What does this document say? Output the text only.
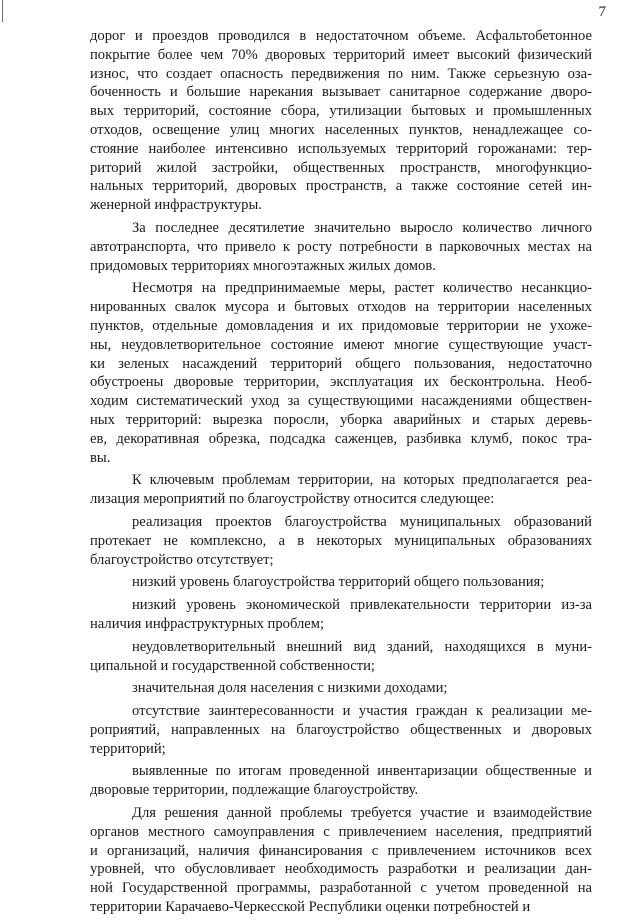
7
дорог и проездов проводился в недостаточном объеме. Асфальтобетонное
покрытие более чем 70% дворовых территорий имеет высокий физический
износ, что создает опасность передвижения по ним. Также серьезную оза-
боченность и большие нарекания вызывает санитарное содержание дворо-
вых территорий, состояние сбора, утилизации бытовых и промышленных
отходов, освещение улиц многих населенных пунктов, ненадлежащее со-
стояние наиболее интенсивно используемых территорий горожанами: тер-
риторий жилой застройки, общественных пространств, многофункцио-
нальных территорий, дворовых пространств, а также состояние сетей ин-
женерной инфраструктуры.
За последнее десятилетие значительно выросло количество личного
автотранспорта, что привело к росту потребности в парковочных местах на
придомовых территориях многоэтажных жилых домов.
Несмотря на предпринимаемые меры, растет количество несанкцио-
нированных свалок мусора и бытовых отходов на территории населенных
пунктов, отдельные домовладения и их придомовые территории не ухоже-
ны, неудовлетворительное состояние имеют многие существующие участ-
ки зеленых насаждений территорий общего пользования, недостаточно
обустроены дворовые территории, эксплуатация их бесконтрольна. Необ-
ходим систематический уход за существующими насаждениями обществен-
ных территорий: вырезка поросли, уборка аварийных и старых деревь-
ев, декоративная обрезка, подсадка саженцев, разбивка клумб, покос тра-
вы.
К ключевым проблемам территории, на которых предполагается реа-
лизация мероприятий по благоустройству относится следующее:
реализация проектов благоустройства муниципальных образований
протекает не комплексно, а в некоторых муниципальных образованиях
благоустройство отсутствует;
низкий уровень благоустройства территорий общего пользования;
низкий уровень экономической привлекательности территории из-за
наличия инфраструктурных проблем;
неудовлетворительный внешний вид зданий, находящихся в муни-
ципальной и государственной собственности;
значительная доля населения с низкими доходами;
отсутствие заинтересованности и участия граждан к реализации ме-
роприятий, направленных на благоустройство общественных и дворовых
территорий;
выявленные по итогам проведенной инвентаризации общественные и
дворовые территории, подлежащие благоустройству.
Для решения данной проблемы требуется участие и взаимодействие
органов местного самоуправления с привлечением населения, предприятий
и организаций, наличия финансирования с привлечением источников всех
уровней, что обусловливает необходимость разработки и реализации дан-
ной Государственной программы, разработанной с учетом проведенной на
территории Карачаево-Черкесской Республики оценки потребностей и
